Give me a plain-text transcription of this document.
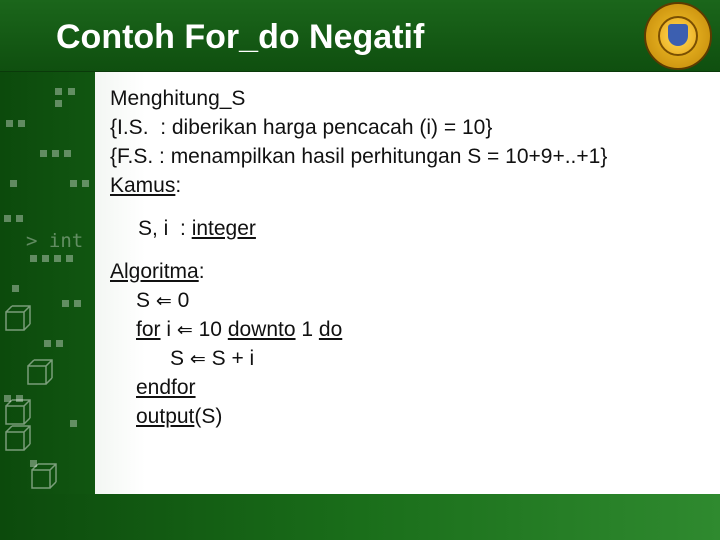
> int
Contoh For_do Negatif
Menghitung_S
{I.S.  : diberikan harga pencacah (i) = 10}
{F.S. : menampilkan hasil perhitungan S = 10+9+..+1}
Kamus:
S, i  : integer
Algoritma:
S ⇐ 0
for i ⇐ 10 downto 1 do
S ⇐ S + i
endfor
output(S)
